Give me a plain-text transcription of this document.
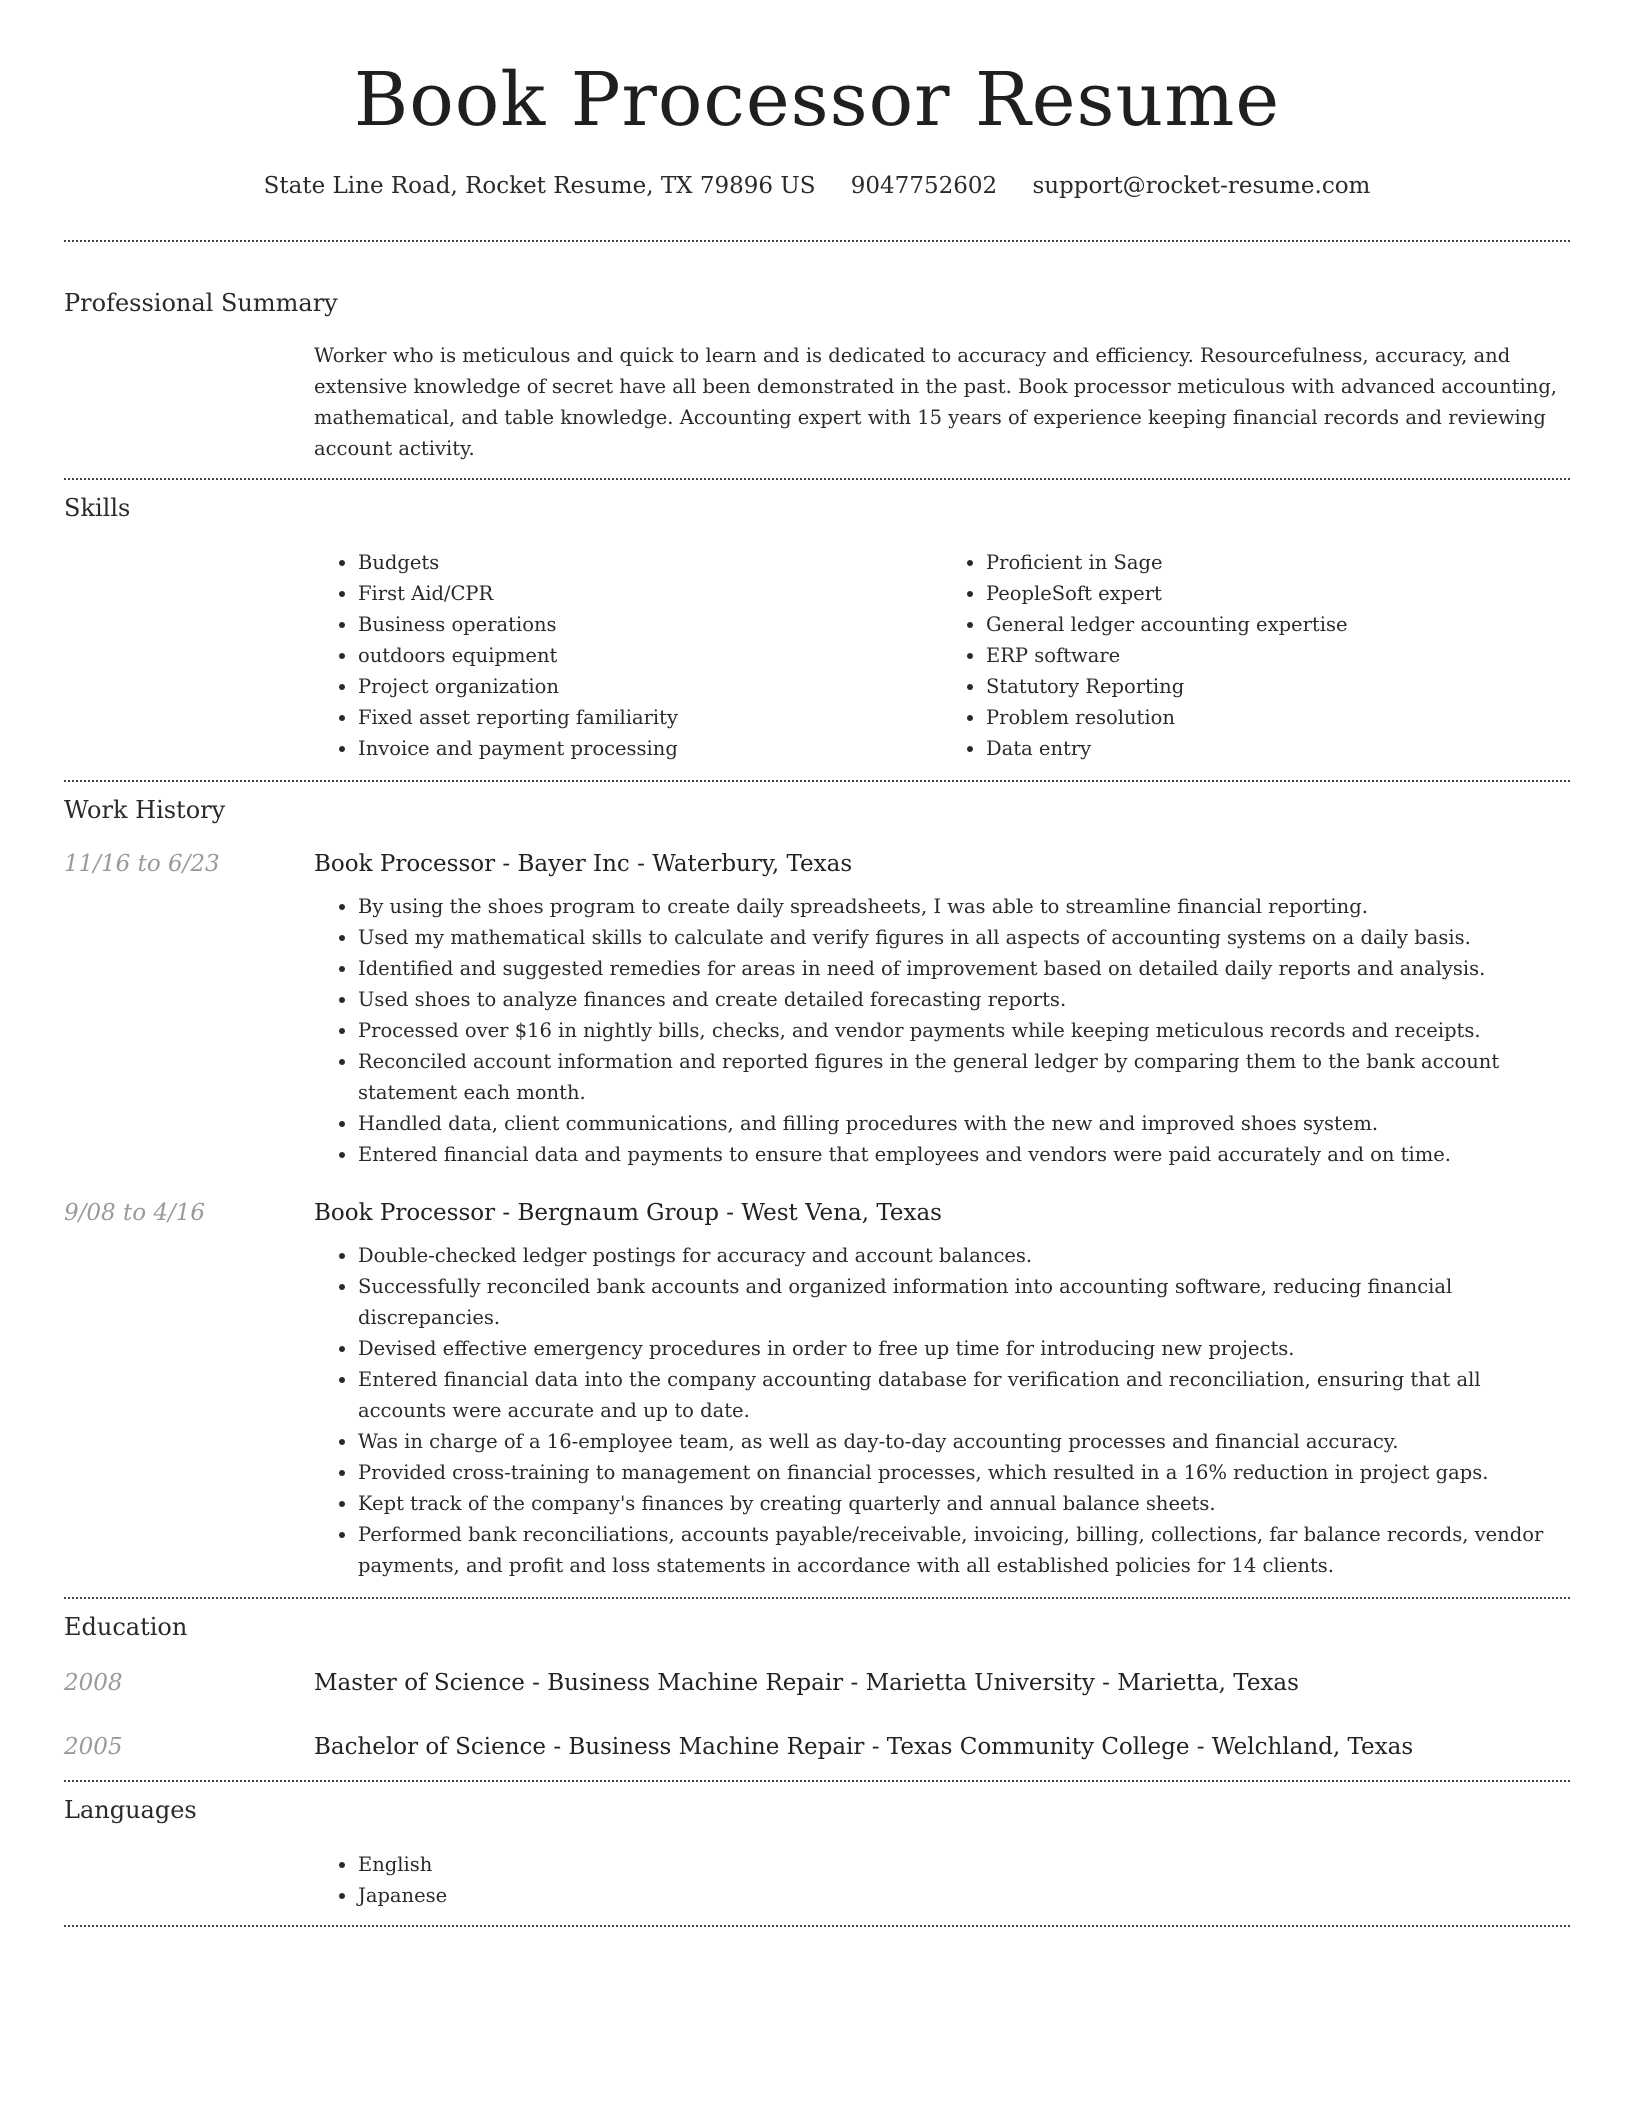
Book Processor Resume
State Line Road, Rocket Resume, TX 79896 US 9047752602 support@rocket-resume.com
Professional Summary

Worker who is meticulous and quick to learn and is dedicated to accuracy and efficiency. Resourcefulness, accuracy, and extensive knowledge of secret have all been demonstrated in the past. Book processor meticulous with advanced accounting, mathematical, and table knowledge. Accounting expert with 15 years of experience keeping financial records and reviewing account activity.

Skills
• Budgets
• First Aid/CPR
• Business operations
• outdoors equipment
• Project organization
• Fixed asset reporting familiarity
• Invoice and payment processing
• Proficient in Sage
• PeopleSoft expert
• General ledger accounting expertise
• ERP software
• Statutory Reporting
• Problem resolution
• Data entry
Work History
11/16 to 6/23	Book Processor - Bayer Inc - Waterbury, Texas
• By using the shoes program to create daily spreadsheets, I was able to streamline financial reporting.
• Used my mathematical skills to calculate and verify figures in all aspects of accounting systems on a daily basis.
• Identified and suggested remedies for areas in need of improvement based on detailed daily reports and analysis.
• Used shoes to analyze finances and create detailed forecasting reports.
• Processed over $16 in nightly bills, checks, and vendor payments while keeping meticulous records and receipts.
• Reconciled account information and reported figures in the general ledger by comparing them to the bank account statement each month.
• Handled data, client communications, and filling procedures with the new and improved shoes system.
• Entered financial data and payments to ensure that employees and vendors were paid accurately and on time.
9/08 to 4/16	Book Processor - Bergnaum Group - West Vena, Texas
• Double-checked ledger postings for accuracy and account balances.
• Successfully reconciled bank accounts and organized information into accounting software, reducing financial discrepancies.
• Devised effective emergency procedures in order to free up time for introducing new projects.
• Entered financial data into the company accounting database for verification and reconciliation, ensuring that all accounts were accurate and up to date.
• Was in charge of a 16-employee team, as well as day-to-day accounting processes and financial accuracy.
• Provided cross-training to management on financial processes, which resulted in a 16% reduction in project gaps.
• Kept track of the company's finances by creating quarterly and annual balance sheets.
• Performed bank reconciliations, accounts payable/receivable, invoicing, billing, collections, far balance records, vendor payments, and profit and loss statements in accordance with all established policies for 14 clients.
Education
2008	Master of Science - Business Machine Repair - Marietta University - Marietta, Texas
2005	Bachelor of Science - Business Machine Repair - Texas Community College - Welchland, Texas
Languages
• English
• Japanese
